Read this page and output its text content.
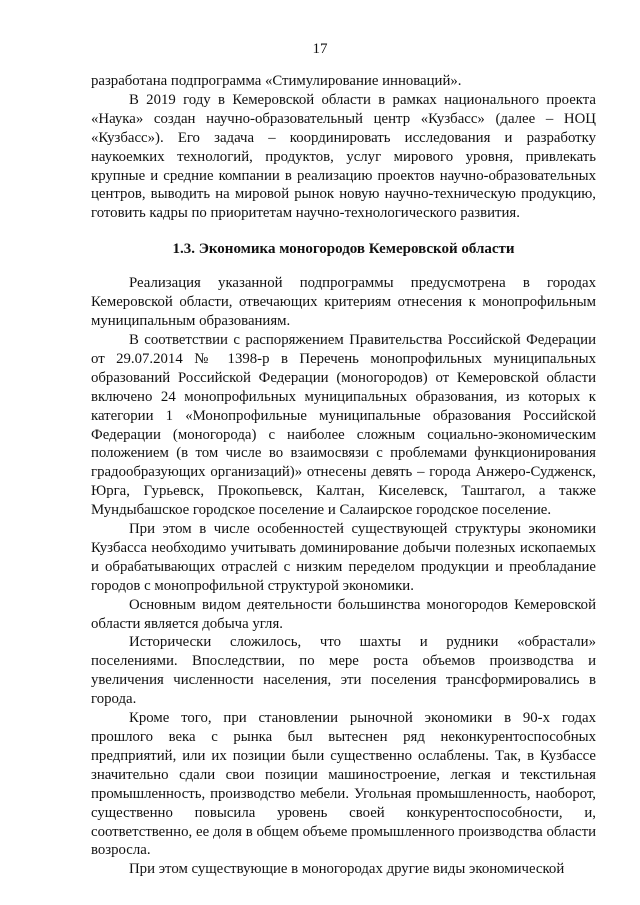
17

разработана подпрограмма «Стимулирование инноваций».

В 2019 году в Кемеровской области в рамках национального проекта «Наука» создан научно-образовательный центр «Кузбасс» (далее – НОЦ «Кузбасс»). Его задача – координировать исследования и разработку наукоемких технологий, продуктов, услуг мирового уровня, привлекать крупные и средние компании в реализацию проектов научно-образовательных центров, выводить на мировой рынок новую научно-техническую продукцию, готовить кадры по приоритетам научно-технологического развития.

1.3. Экономика моногородов Кемеровской области

Реализация указанной подпрограммы предусмотрена в городах Кемеровской области, отвечающих критериям отнесения к монопрофильным муниципальным образованиям.

В соответствии с распоряжением Правительства Российской Федерации от 29.07.2014 № 1398-р в Перечень монопрофильных муниципальных образований Российской Федерации (моногородов) от Кемеровской области включено 24 монопрофильных муниципальных образования, из которых к категории 1 «Монопрофильные муниципальные образования Российской Федерации (моногорода) с наиболее сложным социально-экономическим положением (в том числе во взаимосвязи с проблемами функционирования градообразующих организаций)» отнесены девять – города Анжеро-Судженск, Юрга, Гурьевск, Прокопьевск, Калтан, Киселевск, Таштагол, а также Мундыбашское городское поселение и Салаирское городское поселение.

При этом в числе особенностей существующей структуры экономики Кузбасса необходимо учитывать доминирование добычи полезных ископаемых и обрабатывающих отраслей с низким переделом продукции и преобладание городов с монопрофильной структурой экономики.

Основным видом деятельности большинства моногородов Кемеровской области является добыча угля.

Исторически сложилось, что шахты и рудники «обрастали» поселениями. Впоследствии, по мере роста объемов производства и увеличения численности населения, эти поселения трансформировались в города.

Кроме того, при становлении рыночной экономики в 90-х годах прошлого века с рынка был вытеснен ряд неконкурентоспособных предприятий, или их позиции были существенно ослаблены. Так, в Кузбассе значительно сдали свои позиции машиностроение, легкая и текстильная промышленность, производство мебели. Угольная промышленность, наоборот, существенно повысила уровень своей конкурентоспособности, и, соответственно, ее доля в общем объеме промышленного производства области возросла.

При этом существующие в моногородах другие виды экономической
